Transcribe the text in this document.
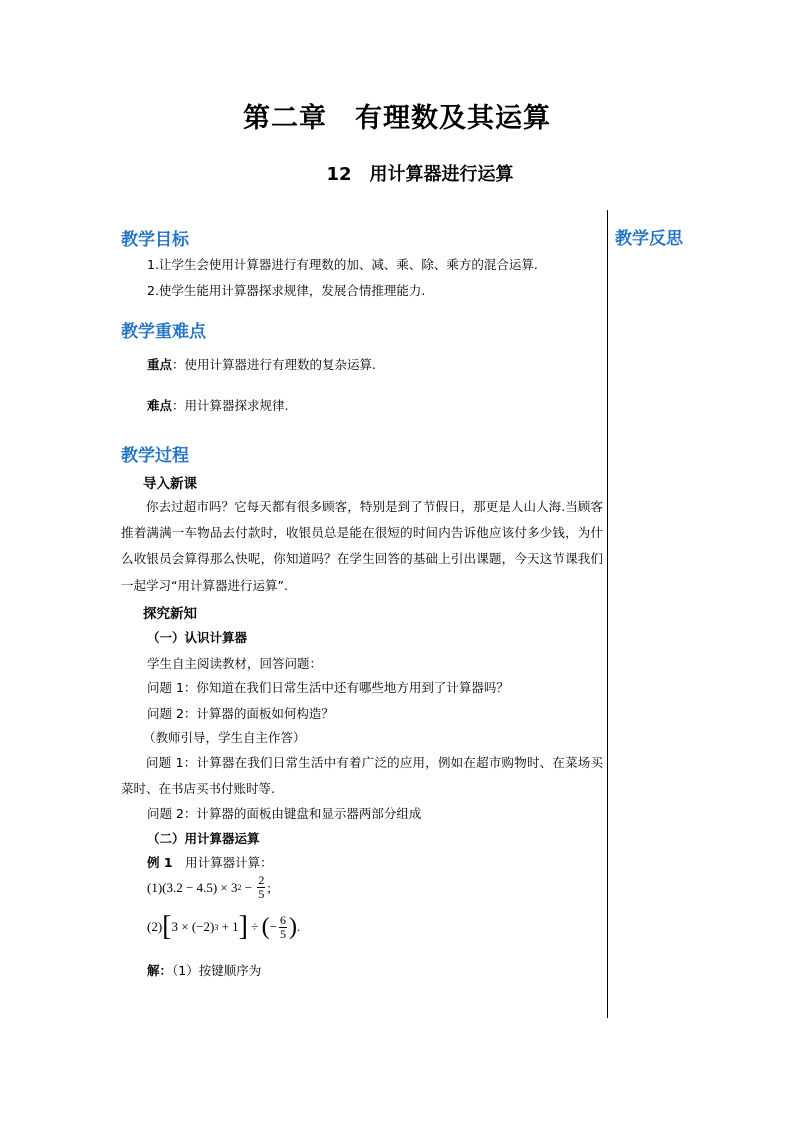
第二章　有理数及其运算
12　用计算器进行运算
教学反思
教学目标
1.让学生会使用计算器进行有理数的加、减、乘、除、乘方的混合运算.
2.使学生能用计算器探求规律，发展合情推理能力.
教学重难点
重点：使用计算器进行有理数的复杂运算.
难点：用计算器探求规律.
教学过程
导入新课
你去过超市吗？它每天都有很多顾客，特别是到了节假日，那更是人山人海.当顾客推着满满一车物品去付款时，收银员总是能在很短的时间内告诉他应该付多少钱，为什么收银员会算得那么快呢，你知道吗？在学生回答的基础上引出课题，今天这节课我们一起学习“用计算器进行运算”.
探究新知
（一）认识计算器
学生自主阅读教材，回答问题：
问题 1：你知道在我们日常生活中还有哪些地方用到了计算器吗？
问题 2：计算器的面板如何构造？
（教师引导，学生自主作答）
问题 1：计算器在我们日常生活中有着广泛的应用，例如在超市购物时、在菜场买菜时、在书店买书付账时等.
问题 2：计算器的面板由键盘和显示器两部分组成
（二）用计算器运算
例 1　用计算器计算：
(1)(3.2 − 4.5) × 3 $2 - \frac{2}{5}$ ;
(2) [ 3 × (−2) 3 + 1 ] ÷ ( − $\frac{6}{5}$ ) .
解：（1）按键顺序为
